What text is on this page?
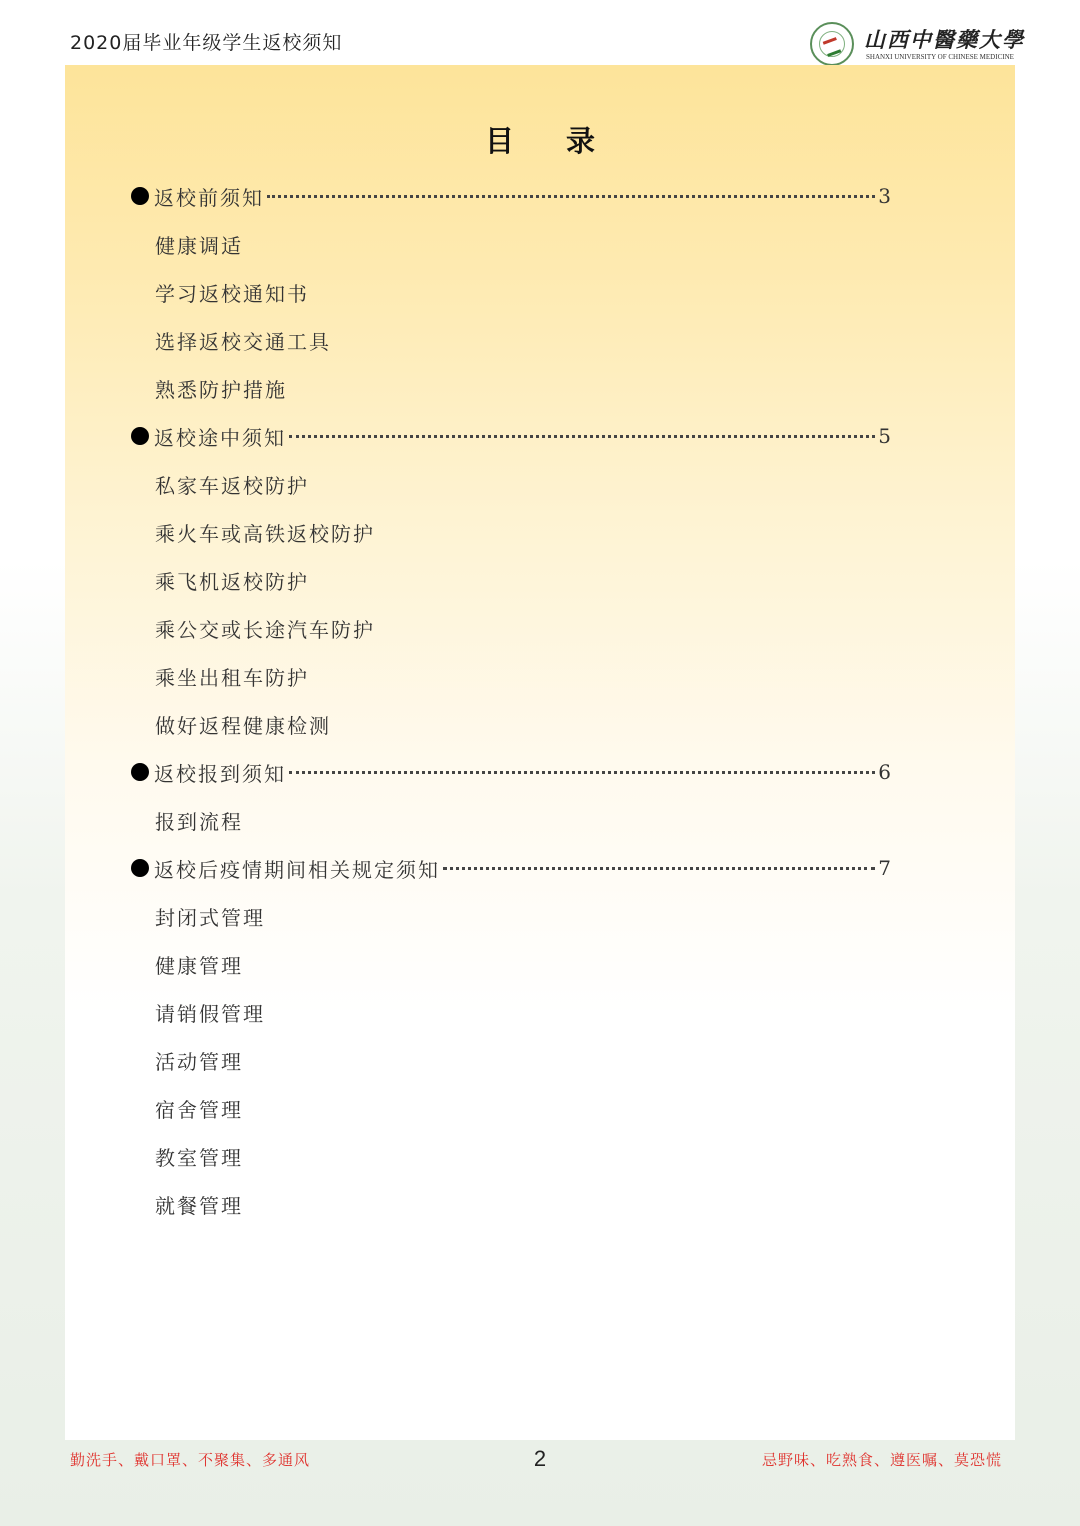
2020届毕业年级学生返校须知	山西中醫藥大學
SHANXI UNIVERSITY OF CHINESE MEDICINE
目录
返校前须知	3
健康调适
学习返校通知书
选择返校交通工具
熟悉防护措施
返校途中须知	5
私家车返校防护
乘火车或高铁返校防护
乘飞机返校防护
乘公交或长途汽车防护
乘坐出租车防护
做好返程健康检测
返校报到须知	6
报到流程
返校后疫情期间相关规定须知	7
封闭式管理
健康管理
请销假管理
活动管理
宿舍管理
教室管理
就餐管理
勤洗手、戴口罩、不聚集、多通风	2	忌野味、吃熟食、遵医嘱、莫恐慌
